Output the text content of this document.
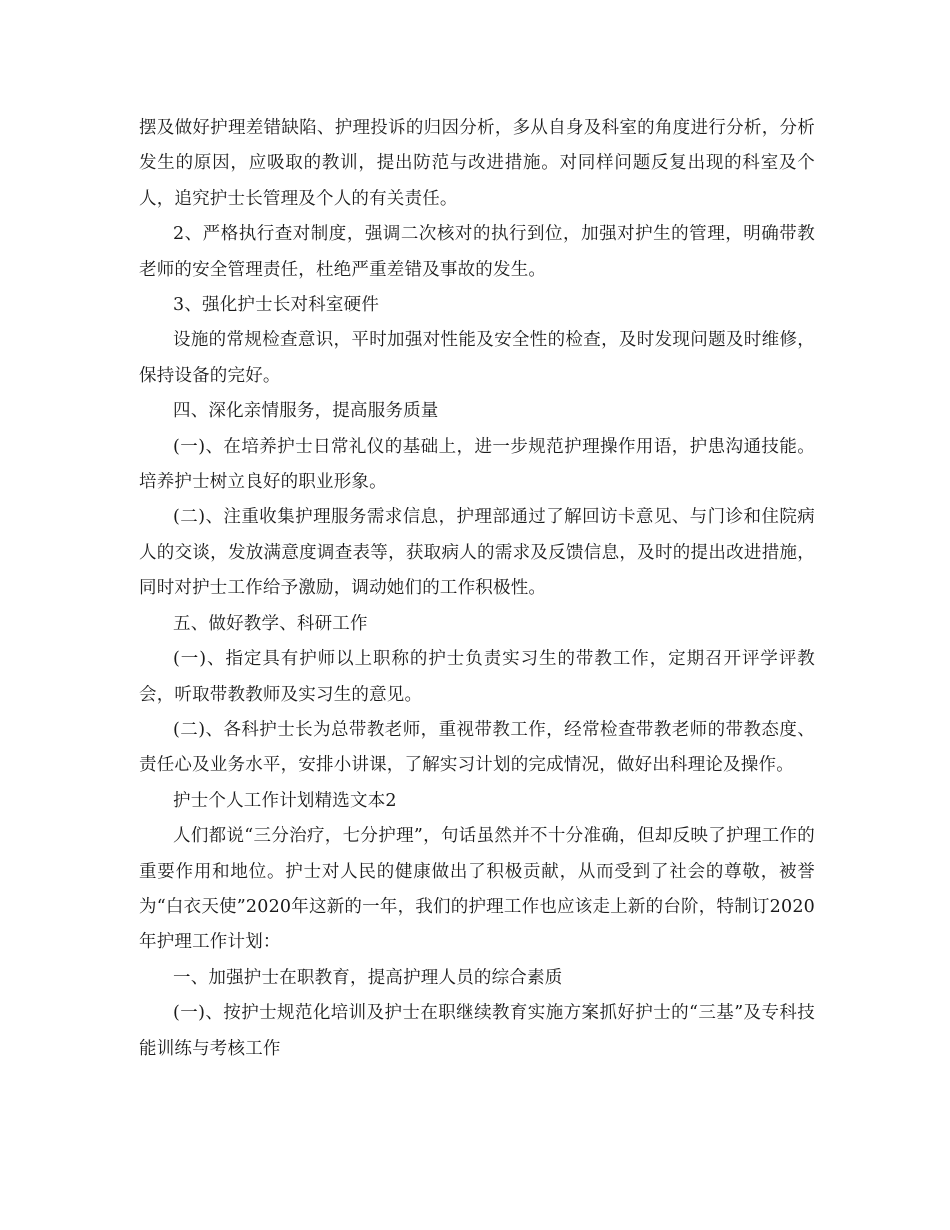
摆及做好护理差错缺陷、护理投诉的归因分析，多从自身及科室的角度进行分析，分析发生的原因，应吸取的教训，提出防范与改进措施。对同样问题反复出现的科室及个人，追究护士长管理及个人的有关责任。

2、严格执行查对制度，强调二次核对的执行到位，加强对护生的管理，明确带教老师的安全管理责任，杜绝严重差错及事故的发生。

3、强化护士长对科室硬件

设施的常规检查意识，平时加强对性能及安全性的检查，及时发现问题及时维修，保持设备的完好。

四、深化亲情服务，提高服务质量

(一)、在培养护士日常礼仪的基础上，进一步规范护理操作用语，护患沟通技能。培养护士树立良好的职业形象。

(二)、注重收集护理服务需求信息，护理部通过了解回访卡意见、与门诊和住院病人的交谈，发放满意度调查表等，获取病人的需求及反馈信息，及时的提出改进措施，同时对护士工作给予激励，调动她们的工作积极性。

五、做好教学、科研工作

(一)、指定具有护师以上职称的护士负责实习生的带教工作，定期召开评学评教会，听取带教教师及实习生的意见。

(二)、各科护士长为总带教老师，重视带教工作，经常检查带教老师的带教态度、责任心及业务水平，安排小讲课，了解实习计划的完成情况，做好出科理论及操作。

护士个人工作计划精选文本2

人们都说“三分治疗，七分护理”，句话虽然并不十分准确，但却反映了护理工作的重要作用和地位。护士对人民的健康做出了积极贡献，从而受到了社会的尊敬，被誉为“白衣天使”2020年这新的一年，我们的护理工作也应该走上新的台阶，特制订2020年护理工作计划：

一、加强护士在职教育，提高护理人员的综合素质

(一)、按护士规范化培训及护士在职继续教育实施方案抓好护士的“三基”及专科技能训练与考核工作
